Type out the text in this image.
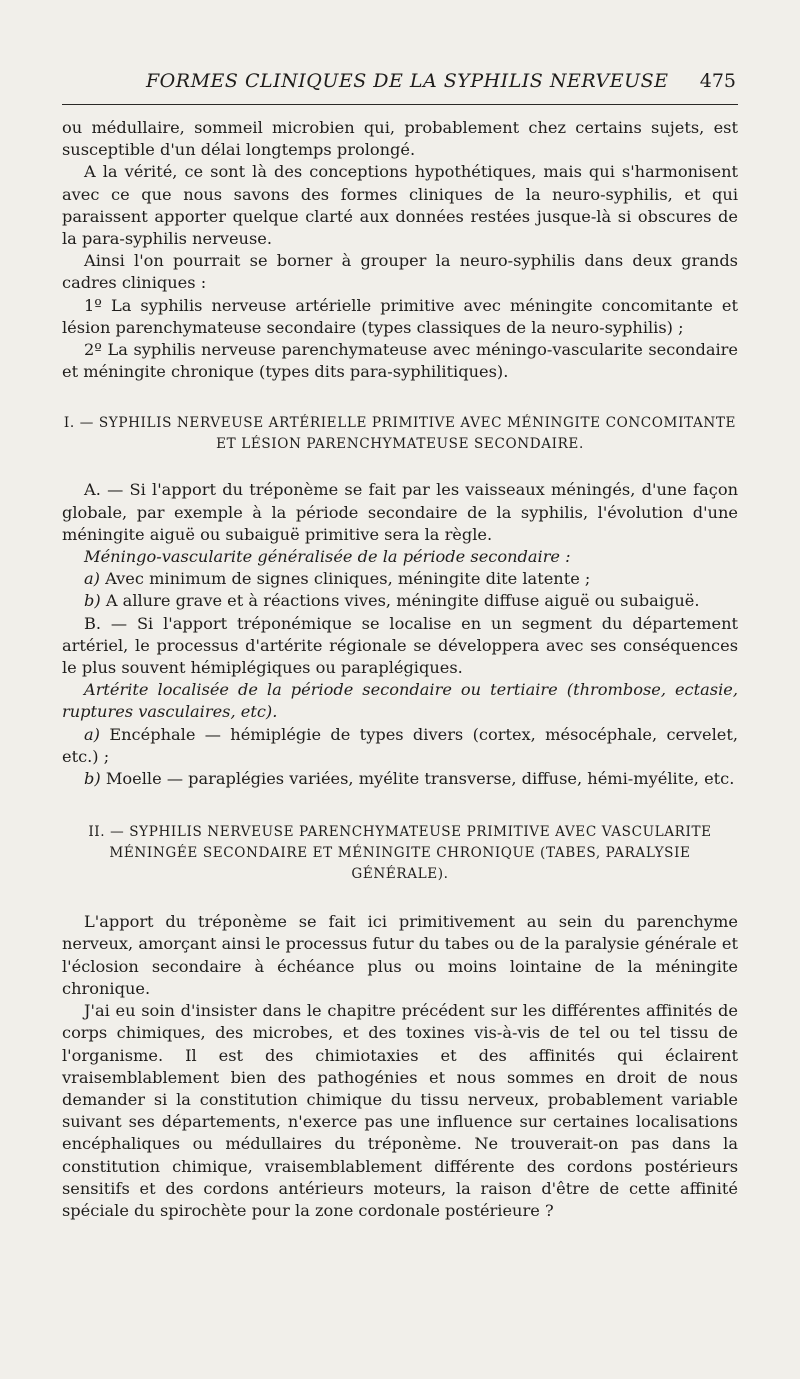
FORMES CLINIQUES DE LA SYPHILIS NERVEUSE 475

ou médullaire, sommeil microbien qui, probablement chez certains sujets, est susceptible d'un délai longtemps prolongé.

A la vérité, ce sont là des conceptions hypothétiques, mais qui s'harmonisent avec ce que nous savons des formes cliniques de la neuro-syphilis, et qui paraissent apporter quelque clarté aux données restées jusque-là si obscures de la para-syphilis nerveuse.

Ainsi l'on pourrait se borner à grouper la neuro-syphilis dans deux grands cadres cliniques :

1º La syphilis nerveuse artérielle primitive avec méningite concomitante et lésion parenchymateuse secondaire (types classiques de la neuro-syphilis) ;

2º La syphilis nerveuse parenchymateuse avec méningo-vascularite secondaire et méningite chronique (types dits para-syphilitiques).

I. — SYPHILIS NERVEUSE ARTÉRIELLE PRIMITIVE AVEC MÉNINGITE CONCOMITANTE
ET LÉSION PARENCHYMATEUSE SECONDAIRE.

A. — Si l'apport du tréponème se fait par les vaisseaux méningés, d'une façon globale, par exemple à la période secondaire de la syphilis, l'évolution d'une méningite aiguë ou subaiguë primitive sera la règle.

Méningo-vascularite généralisée de la période secondaire :

a) Avec minimum de signes cliniques, méningite dite latente ;

b) A allure grave et à réactions vives, méningite diffuse aiguë ou subaiguë.

B. — Si l'apport tréponémique se localise en un segment du département artériel, le processus d'artérite régionale se développera avec ses conséquences le plus souvent hémiplégiques ou paraplégiques.

Artérite localisée de la période secondaire ou tertiaire (thrombose, ectasie, ruptures vasculaires, etc).

a) Encéphale — hémiplégie de types divers (cortex, mésocéphale, cervelet, etc.) ;

b) Moelle — paraplégies variées, myélite transverse, diffuse, hémi-myélite, etc.

II. — SYPHILIS NERVEUSE PARENCHYMATEUSE PRIMITIVE AVEC VASCULARITE
MÉNINGÉE SECONDAIRE ET MÉNINGITE CHRONIQUE (TABES, PARALYSIE GÉNÉRALE).

L'apport du tréponème se fait ici primitivement au sein du parenchyme nerveux, amorçant ainsi le processus futur du tabes ou de la paralysie générale et l'éclosion secondaire à échéance plus ou moins lointaine de la méningite chronique.

J'ai eu soin d'insister dans le chapitre précédent sur les différentes affinités de corps chimiques, des microbes, et des toxines vis-à-vis de tel ou tel tissu de l'organisme. Il est des chimiotaxies et des affinités qui éclairent vraisemblablement bien des pathogénies et nous sommes en droit de nous demander si la constitution chimique du tissu nerveux, probablement variable suivant ses départements, n'exerce pas une influence sur certaines localisations encéphaliques ou médullaires du tréponème. Ne trouverait-on pas dans la constitution chimique, vraisemblablement différente des cordons postérieurs sensitifs et des cordons antérieurs moteurs, la raison d'être de cette affinité spéciale du spirochète pour la zone cordonale postérieure ?
